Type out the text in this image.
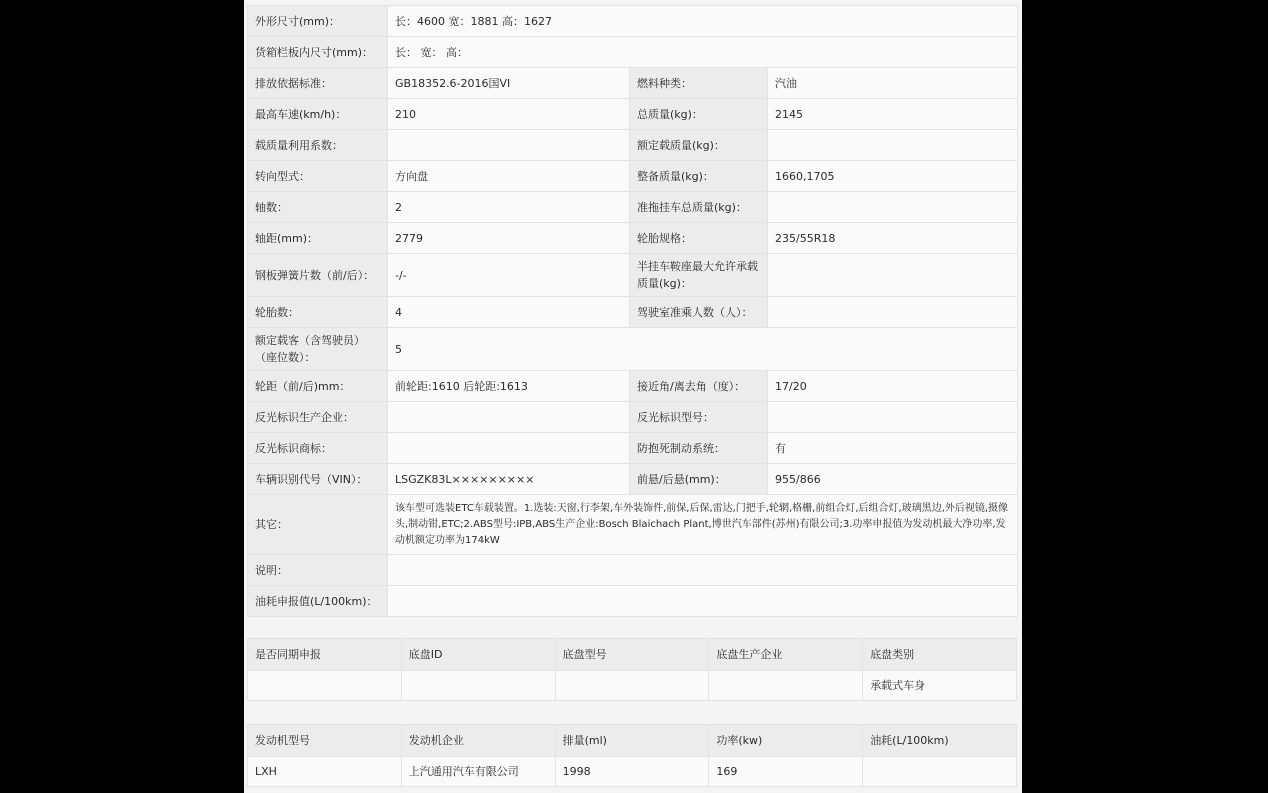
外形尺寸(mm)：	长：4600 宽：1881 高：1627		
货箱栏板内尺寸(mm)：	长： 宽： 高：		
排放依据标准：	GB18352.6-2016国VI	燃料种类：	汽油
最高车速(km/h)：	210	总质量(kg)：	2145
载质量利用系数：		额定载质量(kg)：	
转向型式：	方向盘	整备质量(kg)：	1660,1705
轴数：	2	准拖挂车总质量(kg)：	
轴距(mm)：	2779	轮胎规格：	235/55R18
钢板弹簧片数（前/后）：	-/-	半挂车鞍座最大允许承载质量(kg)：	
轮胎数：	4	驾驶室准乘人数（人）：	
额定载客（含驾驶员）（座位数）：	5		
轮距（前/后)mm：	前轮距:1610 后轮距:1613	接近角/离去角（度）：	17/20
反光标识生产企业：		反光标识型号：	
反光标识商标：		防抱死制动系统：	有
车辆识别代号（VIN）：	LSGZK83L×××××××××	前悬/后悬(mm)：	955/866
其它：	该车型可选装ETC车载装置。1.选装:天窗,行李架,车外装饰件,前保,后保,雷达,门把手,轮辋,格栅,前组合灯,后组合灯,玻璃黑边,外后视镜,摄像头,制动钳,ETC;2.ABS型号:IPB,ABS生产企业:Bosch Blaichach Plant,博世汽车部件(苏州)有限公司;3.功率申报值为发动机最大净功率,发动机额定功率为174kW		
说明：			
油耗申报值(L/100km)：			
是否同期申报	底盘ID	底盘型号	底盘生产企业	底盘类别
				承载式车身
发动机型号	发动机企业	排量(ml)	功率(kw)	油耗(L/100km)
LXH	上汽通用汽车有限公司	1998	169	
